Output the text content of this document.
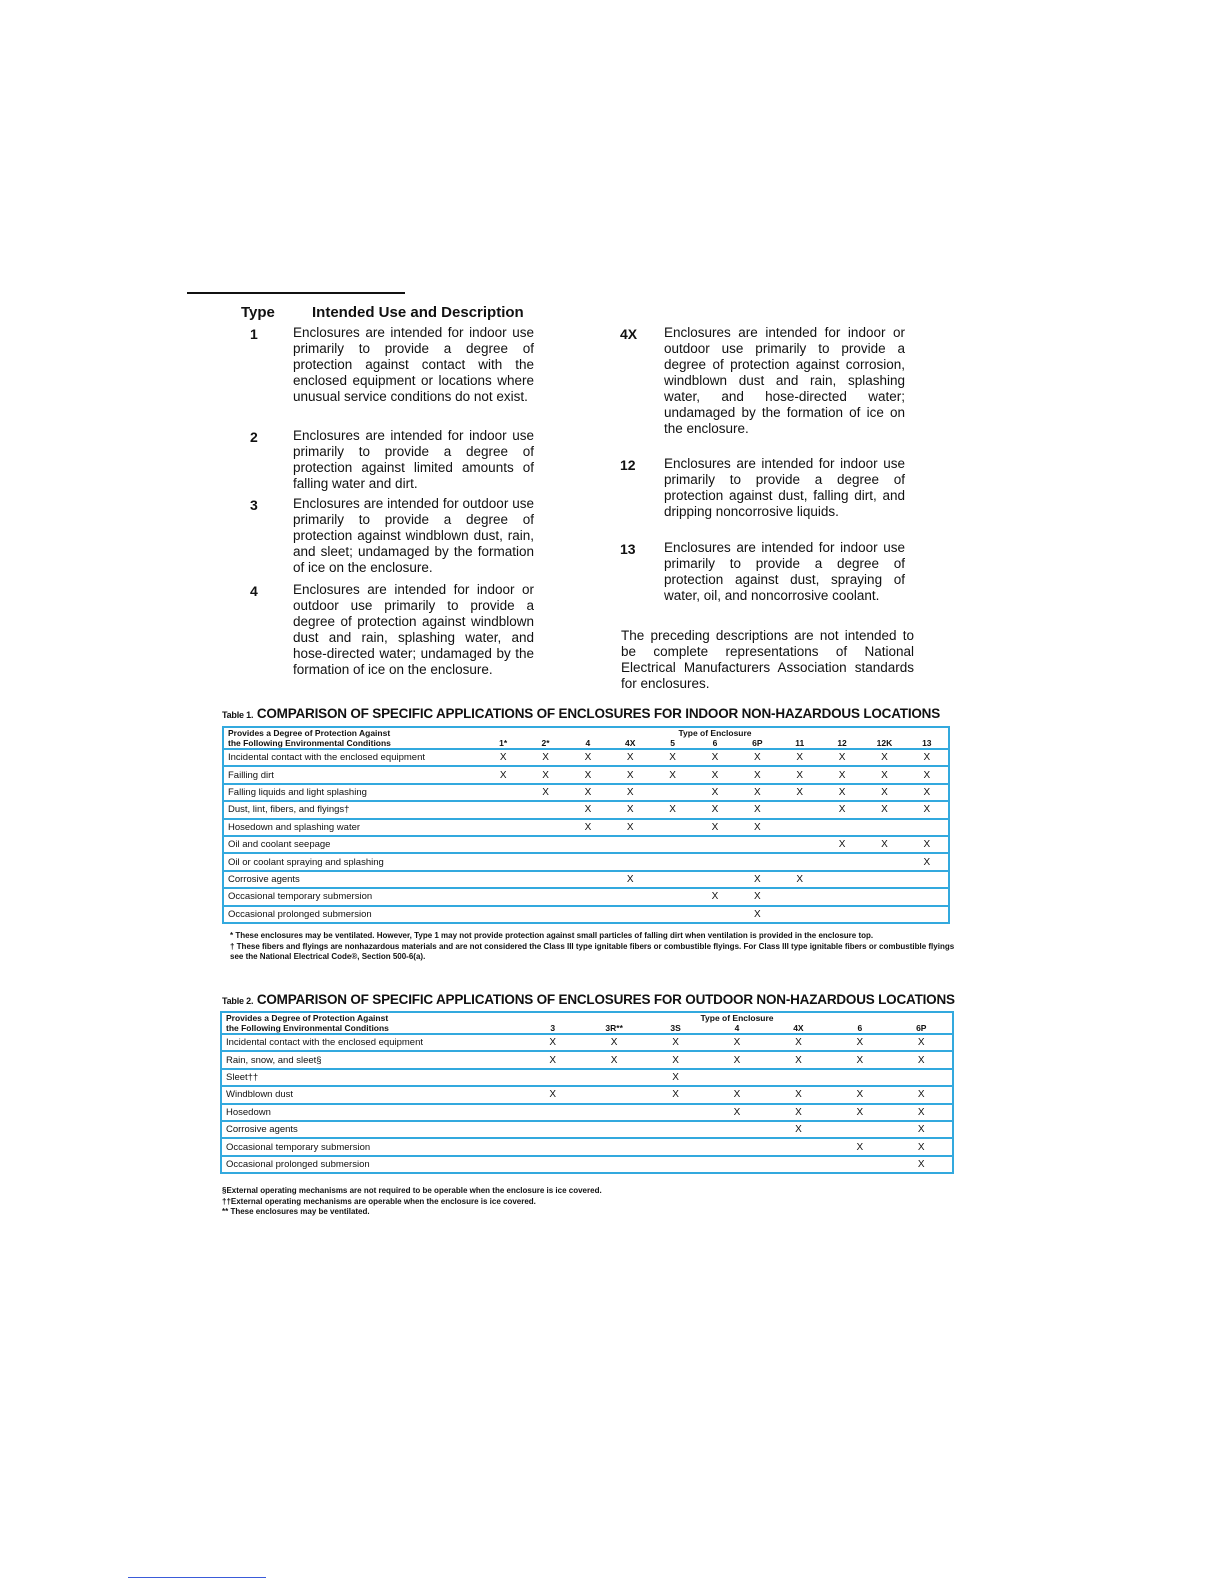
Type Intended Use and Description
1	Enclosures are intended for indoor use primarily to provide a degree of protection against contact with the enclosed equipment or locations where unusual service conditions do not exist.
2	Enclosures are intended for indoor use primarily to provide a degree of protection against limited amounts of falling water and dirt.
3	Enclosures are intended for outdoor use primarily to provide a degree of protection against windblown dust, rain, and sleet; undamaged by the formation of ice on the enclosure.
4	Enclosures are intended for indoor or outdoor use primarily to provide a degree of protection against windblown dust and rain, splashing water, and hose-directed water; undamaged by the formation of ice on the enclosure.
4X Enclosures are intended for indoor or outdoor use primarily to provide a degree of protection against corrosion, windblown dust and rain, splashing water, and hose-directed water; undamaged by the formation of ice on the enclosure.
12 Enclosures are intended for indoor use primarily to provide a degree of protection against dust, falling dirt, and dripping noncorrosive liquids.
13 Enclosures are intended for indoor use primarily to provide a degree of protection against dust, spraying of water, oil, and noncorrosive coolant.
The preceding descriptions are not intended to be complete representations of National Electrical Manufacturers Association standards for enclosures.
Table 1. COMPARISON OF SPECIFIC APPLICATIONS OF ENCLOSURES FOR INDOOR NON-HAZARDOUS LOCATIONS
Provides a Degree of Protection Against
the Following Environmental Conditions

Type of Enclosure
1*	2*	4	4X	5	6	6P	11	12	12K	13

Incidental contact with the enclosed equipment	X	X	X	X	X	X	X	X	X	X	X
Failling dirt	X	X	X	X	X	X	X	X	X	X	X
Falling liquids and light splashing		X	X	X		X	X	X	X	X	X
Dust, lint, fibers, and flyings†			X	X	X	X	X		X	X	X
Hosedown and splashing water			X	X		X	X				
Oil and coolant seepage									X	X	X
Oil or coolant spraying and splashing											X
Corrosive agents				X			X	X			
Occasional temporary submersion						X	X				
Occasional prolonged submersion							X				
* These enclosures may be ventilated. However, Type 1 may not provide protection against small particles of falling dirt when ventilation is provided in the enclosure top.
† These fibers and flyings are nonhazardous materials and are not considered the Class III type ignitable fibers or combustible flyings. For Class III type ignitable fibers or combustible flyings see the National Electrical Code®, Section 500-6(a).
Table 2. COMPARISON OF SPECIFIC APPLICATIONS OF ENCLOSURES FOR OUTDOOR NON-HAZARDOUS LOCATIONS
Provides a Degree of Protection Against
the Following Environmental Conditions

Type of Enclosure
3	3R**	3S	4	4X	6	6P

Incidental contact with the enclosed equipment	X	X	X	X	X	X	X
Rain, snow, and sleet§	X	X	X	X	X	X	X
Sleet††			X				
Windblown dust	X		X	X	X	X	X
Hosedown				X	X	X	X
Corrosive agents					X		X
Occasional temporary submersion						X	X
Occasional prolonged submersion							X
§External operating mechanisms are not required to be operable when the enclosure is ice covered.
††External operating mechanisms are operable when the enclosure is ice covered.
** These enclosures may be ventilated.
